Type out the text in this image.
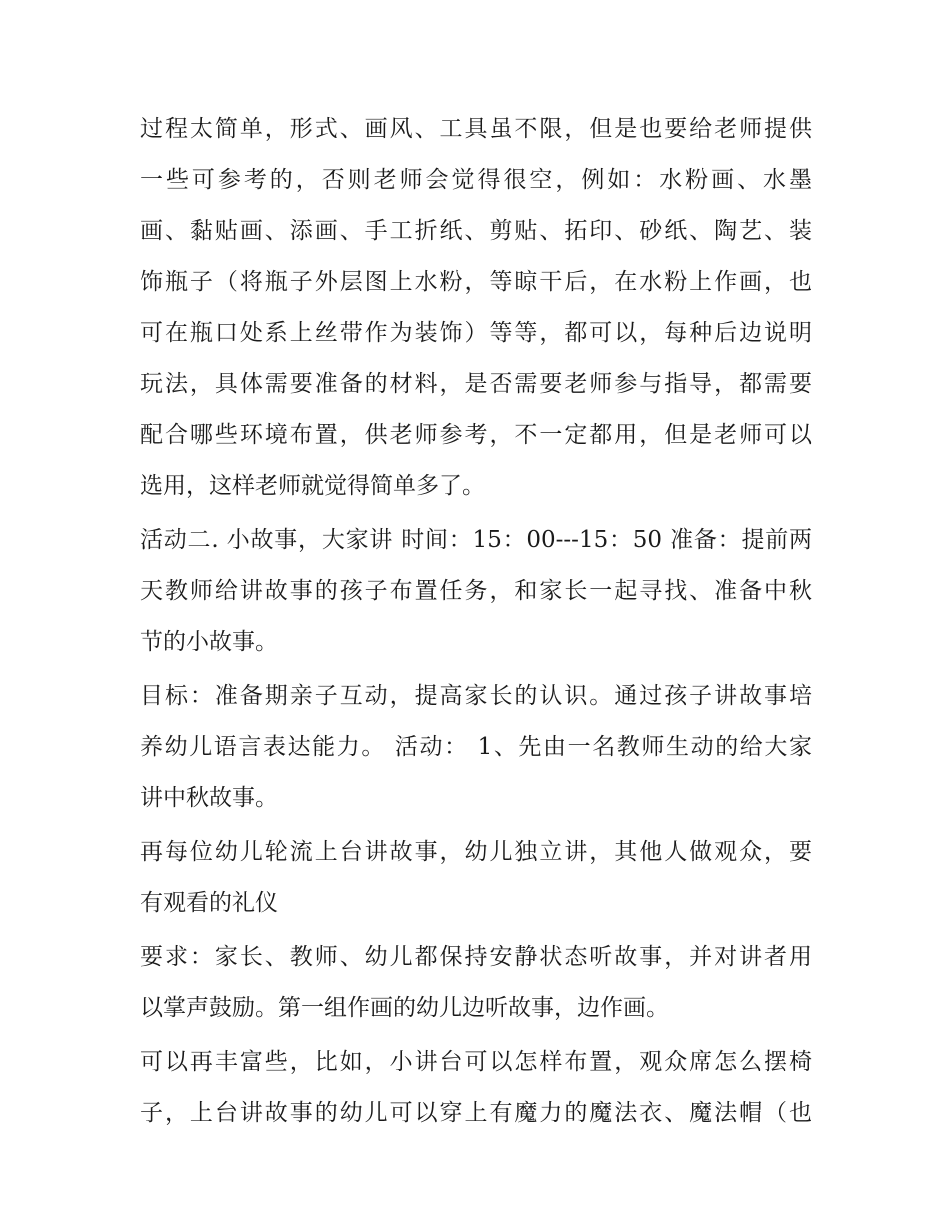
过程太简单，形式、画风、工具虽不限，但是也要给老师提供
一些可参考的，否则老师会觉得很空，例如：水粉画、水墨
画、黏贴画、添画、手工折纸、剪贴、拓印、砂纸、陶艺、装
饰瓶子（将瓶子外层图上水粉，等晾干后，在水粉上作画，也
可在瓶口处系上丝带作为装饰）等等，都可以，每种后边说明
玩法，具体需要准备的材料，是否需要老师参与指导，都需要
配合哪些环境布置，供老师参考，不一定都用，但是老师可以
选用，这样老师就觉得简单多了。
活动二. 小故事，大家讲 时间：15：00---15：50 准备：提前两
天教师给讲故事的孩子布置任务，和家长一起寻找、准备中秋
节的小故事。
目标：准备期亲子互动，提高家长的认识。通过孩子讲故事培
养幼儿语言表达能力。 活动： 1、先由一名教师生动的给大家
讲中秋故事。
再每位幼儿轮流上台讲故事，幼儿独立讲，其他人做观众，要
有观看的礼仪
要求：家长、教师、幼儿都保持安静状态听故事，并对讲者用
以掌声鼓励。第一组作画的幼儿边听故事，边作画。
可以再丰富些，比如，小讲台可以怎样布置，观众席怎么摆椅
子，上台讲故事的幼儿可以穿上有魔力的魔法衣、魔法帽（也
